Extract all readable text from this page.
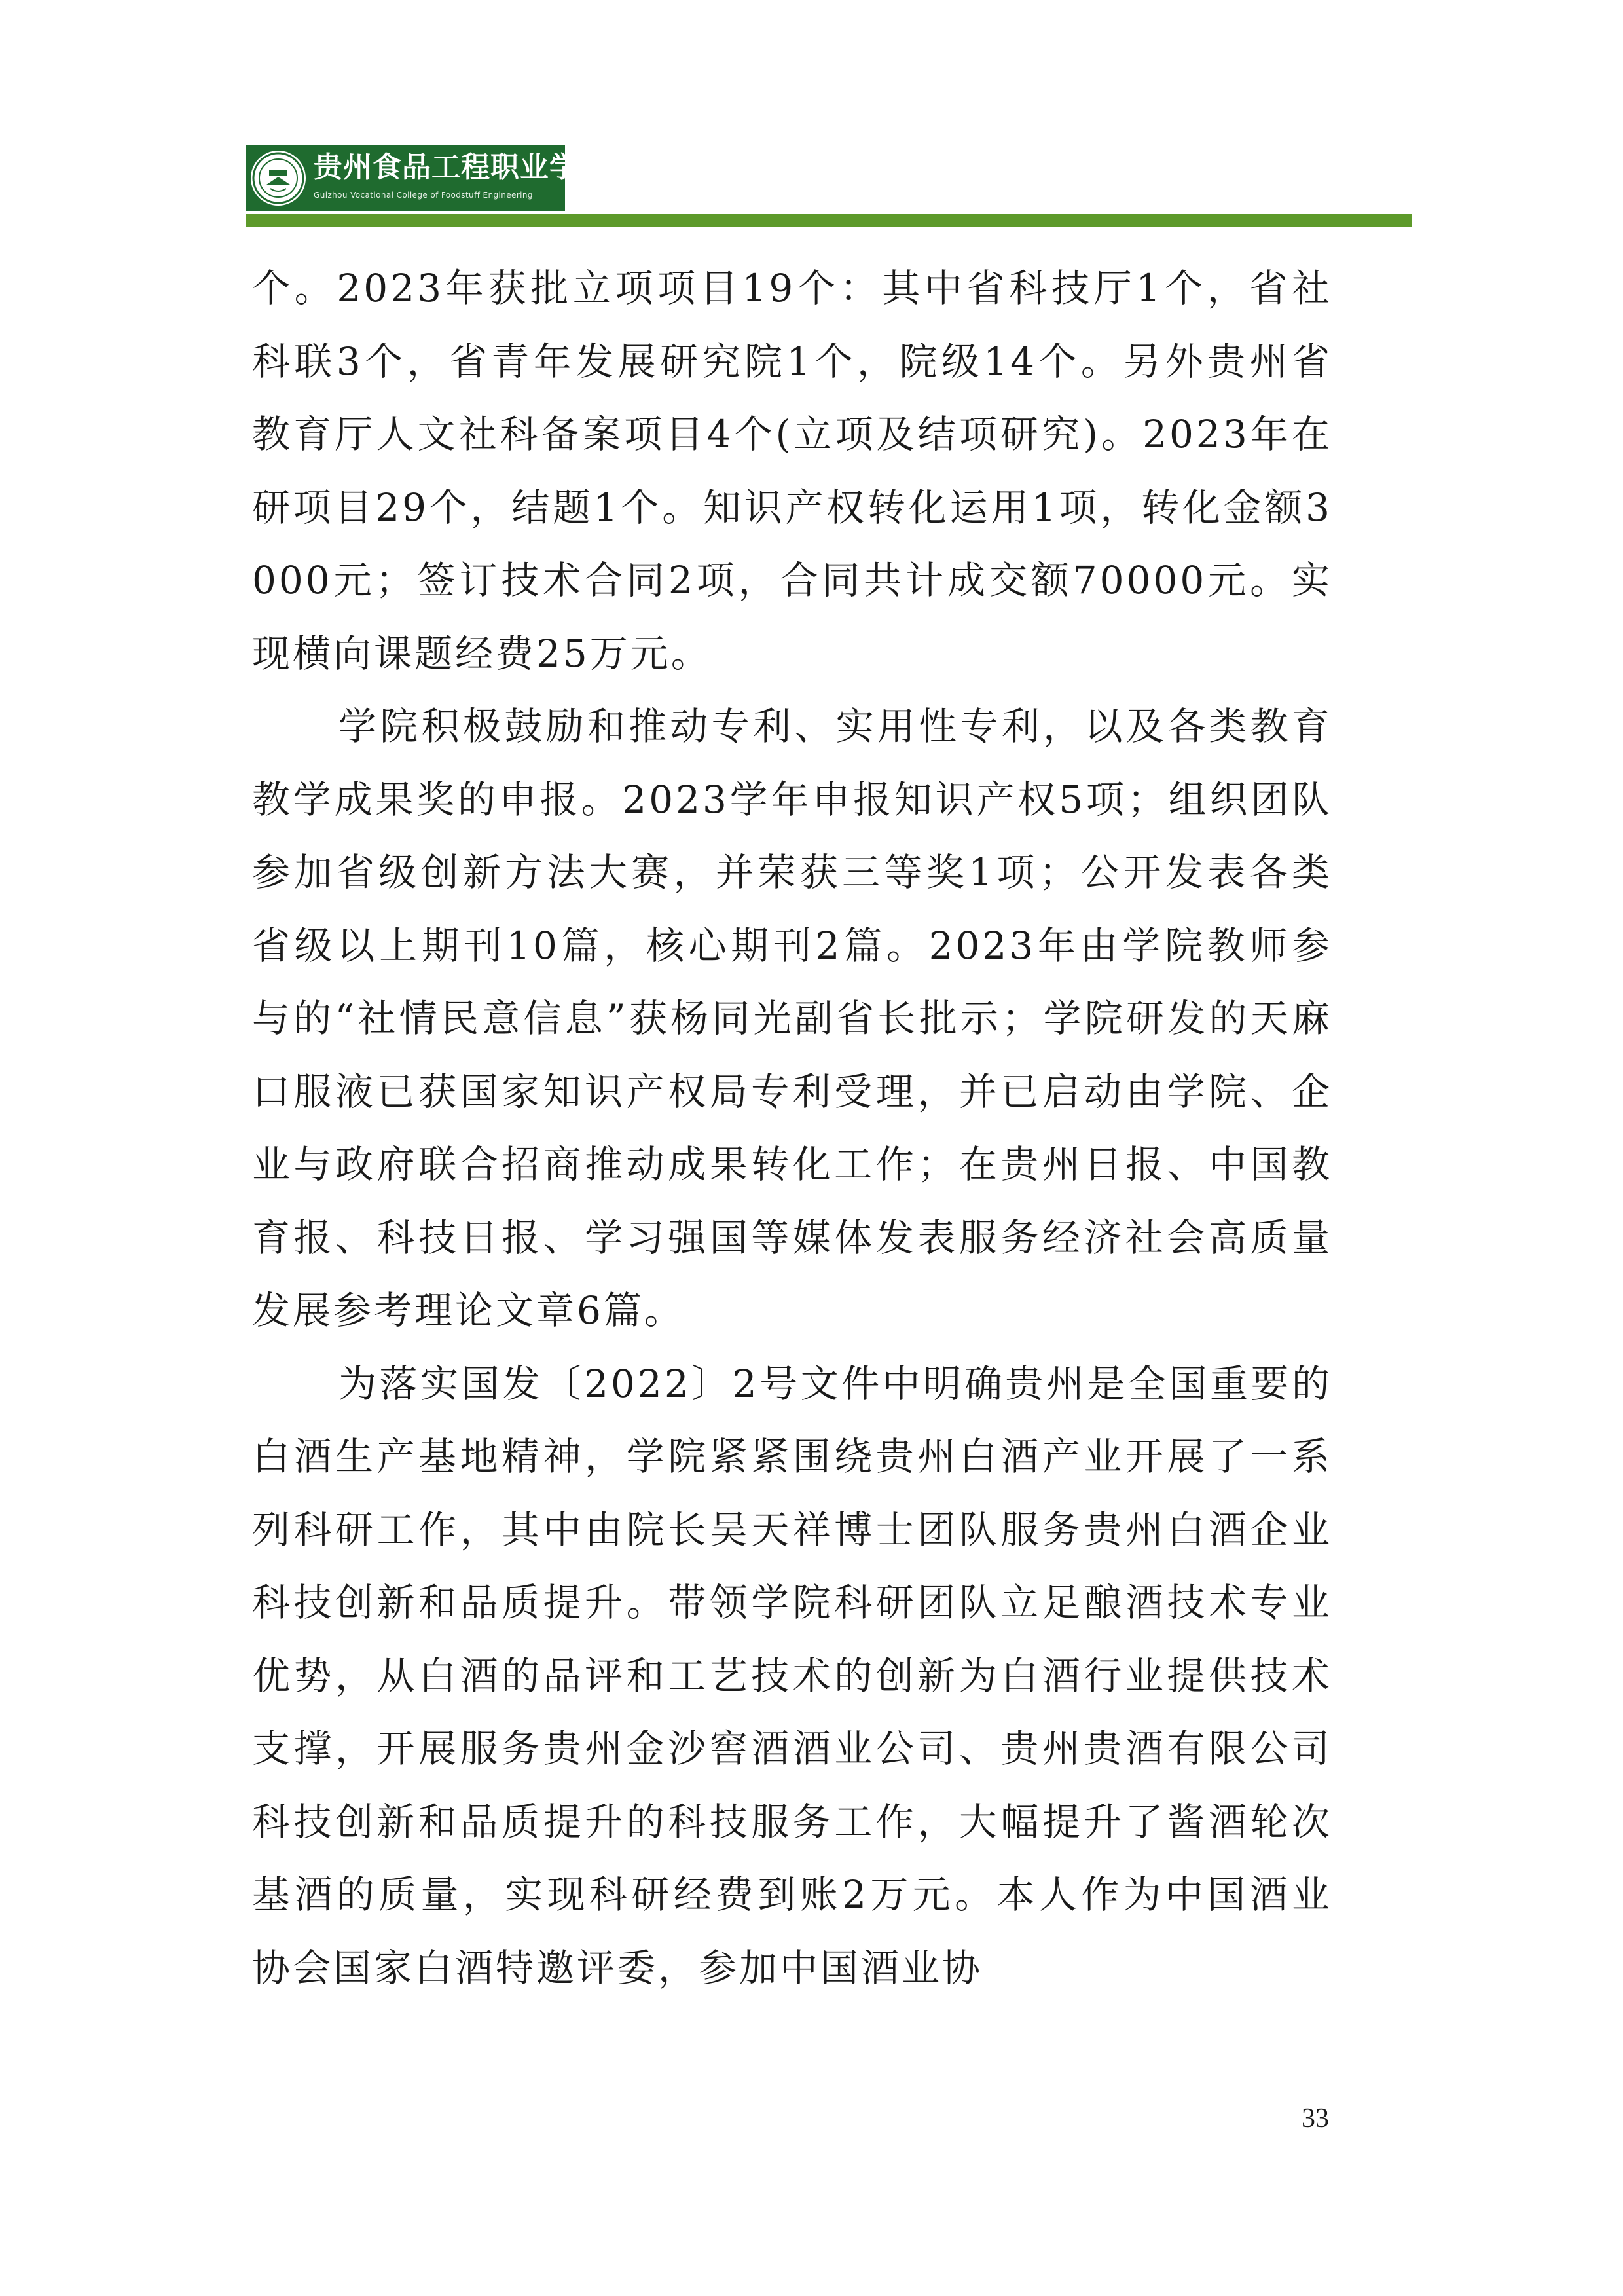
贵州食品工程职业学院
Guizhou Vocational College of Foodstuff Engineering

个。2023年获批立项项目19个：其中省科技厅1个，省社科联3个，省青年发展研究院1个，院级14个。另外贵州省教育厅人文社科备案项目4个(立项及结项研究)。2023年在研项目29个，结题1个。知识产权转化运用1项，转化金额3000元；签订技术合同2项，合同共计成交额70000元。实现横向课题经费25万元。

学院积极鼓励和推动专利、实用性专利，以及各类教育教学成果奖的申报。2023学年申报知识产权5项；组织团队参加省级创新方法大赛，并荣获三等奖1项；公开发表各类省级以上期刊10篇，核心期刊2篇。2023年由学院教师参与的“社情民意信息”获杨同光副省长批示；学院研发的天麻口服液已获国家知识产权局专利受理，并已启动由学院、企业与政府联合招商推动成果转化工作；在贵州日报、中国教育报、科技日报、学习强国等媒体发表服务经济社会高质量发展参考理论文章6篇。

为落实国发〔2022〕2号文件中明确贵州是全国重要的白酒生产基地精神，学院紧紧围绕贵州白酒产业开展了一系列科研工作，其中由院长吴天祥博士团队服务贵州白酒企业科技创新和品质提升。带领学院科研团队立足酿酒技术专业优势，从白酒的品评和工艺技术的创新为白酒行业提供技术支撑，开展服务贵州金沙窖酒酒业公司、贵州贵酒有限公司科技创新和品质提升的科技服务工作，大幅提升了酱酒轮次基酒的质量，实现科研经费到账2万元。本人作为中国酒业协会国家白酒特邀评委，参加中国酒业协

33
